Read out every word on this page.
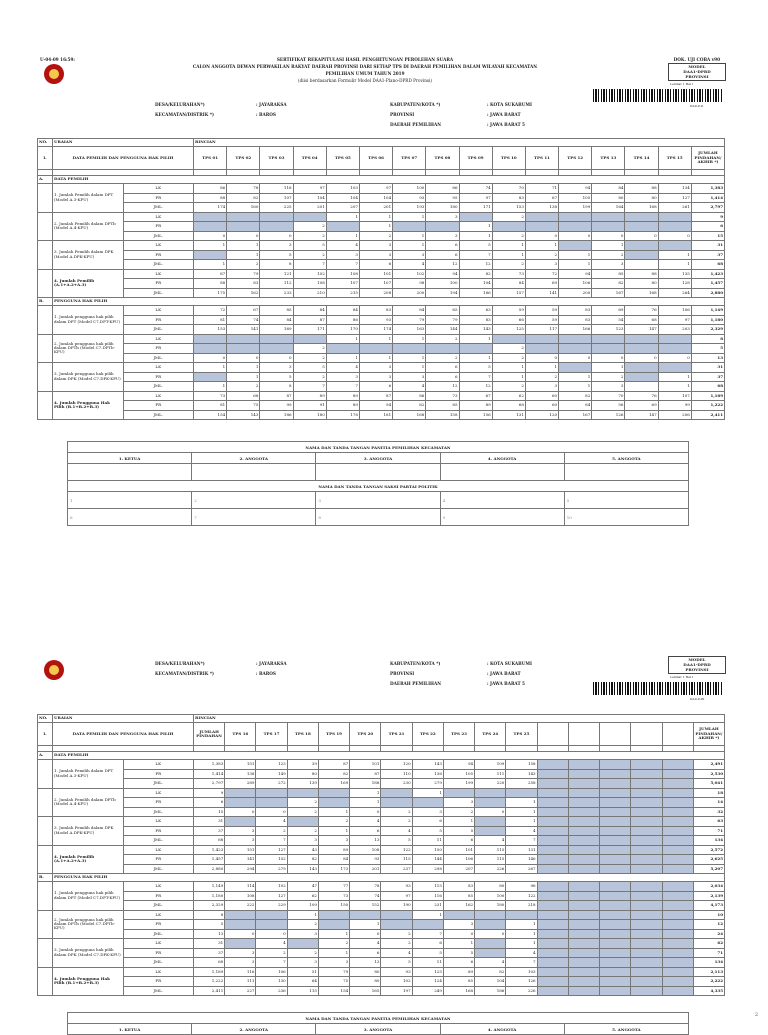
U-04-09 16:59:	SERTIFIKAT REKAPITULASI HASIL PENGHITUNGAN PEROLEHAN SUARA
CALON ANGGOTA DEWAN PERWAKILAN RAKYAT DAERAH PROVINSI DARI SETIAP TPS DI DAERAH PEMILIHAN DALAM WILAYAH KECAMATAN
PEMILIHAN UMUM TAHUN 2019
(diisi berdasarkan Formulir Model DAA1-Plano-DPRD Provinsi)
DOK. UJI COBA v90
MODEL
DAA1-DPRD
PROVINSI
Lembar 1 Hal 1
DAU-P-II
DESA/KELURAHAN*)	: JAYARAKSA
KECAMATAN/DISTRIK *)	: BAROS
KABUPATEN/KOTA *)	: KOTA SUKABUMI
PROVINSI	: JAWA BARAT
DAERAH PEMILIHAN	: JAWA BARAT 5
NO.	URAIAN		RINCIAN															
I.	DATA PEMILIH DAN PENGGUNA HAK PILIH		TPS 01	TPS 02	TPS 03	TPS 04	TPS 05	TPS 06	TPS 07	TPS 08	TPS 09	TPS 10	TPS 11	TPS 12	TPS 13	TPS 14	TPS 15	JUMLAH PINDAHAN/ AKHIR *)

A.	DATA PEMILIH																	
	1. Jumlah Pemilih dalam DPT (Model A.3-KPU)	LK	86	78	118	97	103	97	100	86	74	70	71	94	84	88	134	1,383
		PR	88	82	107	104	104	104	93	95	97	83	67	105	80	80	127	1,414
		JML.	174	160	225	201	207	201	193	180	171	153	138	199	164	168	261	2,797
	2. Jumlah Pemilih dalam DPTb (Model A.4-KPU)	LK					1	1	1	3		2						9
		PR				2		1			1							6
		JML.	0	0	0	2	1	2	1	3	1	2	0	0	0	0	0	15
	3. Jumlah Pemilih dalam DPK (Model A.DPK-KPU)	LK	1	1	3	5	4	3	1	6	5	1	1		1			31
		PR		1	5	2	3	3	3	6	7	1	2	1	2		1	37
		JML.	1	2	8	7	7	6	4	12	12	2	3	1	3		1	68
	4. Jumlah Pemilih (A.1+A.2+A.3)	LK	87	79	121	102	108	101	102	94	82	73	72	94	85	88	135	1,423
		PR	88	83	112	108	107	107	98	100	104	84	69	106	82	80	128	1,457
		JML.	175	162	233	210	215	208	200	194	186	157	141	200	167	168	264	2,880
B.	PENGGUNA HAK PILIH																	
	1. Jumlah pengguna hak pilih dalam DPT (Model C7.DPT-KPU)	LK	72	67	85	84	84	83	84	65	63	59	59	83	69	76	106	1,149
		PR	81	74	84	87	86	93	79	79	83	66	59	83	54	68	97	1,180
		JML.	153	141	169	171	170	174	163	144	143	125	117	166	123	147	203	2,329
	2. Jumlah pengguna hak pilih dalam DPTb (Model C7.DPTb-KPU)	LK					1	1	1	2	1							8
		PR				2						2						5
		JML.	0	0	0	2	1	1	1	2	1	2	0	0	0	0	0	13
	3. Jumlah pengguna hak pilih dalam DPK (Model C7.DPK-KPU)	LK	1	1	3	5	4	3	1	6	5	1	1		1			31
		PR		1	5	2	3	3	3	6	7	1	2	1	2		1	37
		JML.	1	2	8	7	7	6	4	12	12	2	3	1	3		1	68
	4. Jumlah Pengguna Hak Pilih (B.1+B.2+B.3)	LK	73	68	87	89	89	87	86	73	67	62	60	82	70	76	107	1,189
		PR	81	75	99	91	89	94	82	85	89	68	60	84	56	69	99	1,222
		JML.	154	143	186	180	178	181	168	158	156	131	120	167	126	147	206	2,411
NAMA DAN TANDA TANGAN PANITIA PEMILIHAN KECAMATAN				
1. KETUA	2. ANGGOTA	3. ANGGOTA	4. ANGGOTA	5. ANGGOTA

NAMA DAN TANDA TANGAN SAKSI PARTAI POLITIK				
1	2	3	4	5
6	7	8	9	10
MODEL
DAA1-DPRD
PROVINSI
Lembar 1 Hal 1
DAU-P-III
DESA/KELURAHAN*)	: JAYARAKSA
KECAMATAN/DISTRIK *)	: BAROS
KABUPATEN/KOTA *)	: KOTA SUKABUMI
PROVINSI	: JAWA BARAT
DAERAH PEMILIHAN	: JAWA BARAT 5
NO.	URAIAN		RINCIAN																
I.	DATA PEMILIH DAN PENGGUNA HAK PILIH		JUMLAH PINDAHAN	TPS 16	TPS 17	TPS 18	TPS 19	TPS 20	TPS 21	TPS 22	TPS 23	TPS 24	TPS 25						JUMLAH PINDAHAN/ AKHIR *)

A.	DATA PEMILIH																		
	1. Jumlah Pemilih dalam DPT (Model A.3-KPU)	LK	1,383	151	123	39	87	101	120	143	94	109	158						2,491
		PR	1,414	138	149	80	82	87	110	136	105	111	143						2,530
		JML.	2,797	289	272	139	169	188	230	279	199	220	258						5,041
	2. Jumlah Pemilih dalam DPTb (Model A.4-KPU)	LK	9					1		1									18
		PR	6			2		1			3		1						14
		JML.	15	0	0	2	1	0	2	3	2	0	1						32
	3. Jumlah Pemilih dalam DPK (Model A.DPK-KPU)	LK	31		4		2	4	2	6	1		1						63
		PR	37	3	2	2	1	6	4	5	5		4						71
		JML.	68	3	7	3	3	13	5	11	6	4	7						134
	4. Jumlah Pemilih (A.1+A.2+A.3)	LK	1,423	151	127	43	89	108	122	150	101	115	131						2,572
		PR	1,457	141	152	82	84	93	115	144	106	115	146						2,625
		JML.	2,880	294	279	143	173	201	237	298	207	226	267						5,207
B.	PENGGUNA HAK PILIH																		
	1. Jumlah pengguna hak pilih dalam DPT (Model C7.DPT-KPU)	LK	1,149	114	102	47	77	78	93	115	83	80	96						2,034
		PR	1,180	108	127	62	73	74	97	116	85	100	122						2,139
		JML.	2,329	222	229	109	150	152	190	231	162	180	218						4,173
	2. Jumlah pengguna hak pilih dalam DPTb (Model C7.DPTb-KPU)	LK	8			1				1									10
		PR	5			2		1			3		1						12
		JML.	13	0	0	3	1	0	2	7	0	0	1						24
	3. Jumlah pengguna hak pilih dalam DPK (Model C7.DPK-KPU)	LK	31		4		2	4	2	6	1		1						62
		PR	37	3	2	2	1	6	4	5	5		4						71
		JML.	68	3	7	3	3	13	5	11	6	4	7						134
	4. Jumlah Pengguna Hak Pilih (B.1+B.2+B.3)	LK	1,189	116	106	51	79	80	93	125	89	82	103						2,113
		PR	1,222	111	130	64	75	80	102	124	85	104	126						2,222
		JML.	2,411	227	236	115	154	165	197	249	168	186	226						4,335
NAMA DAN TANDA TANGAN PANITIA PEMILIHAN KECAMATAN
1. KETUA	2. ANGGOTA	3. ANGGOTA	4. ANGGOTA	5. ANGGOTA
2
